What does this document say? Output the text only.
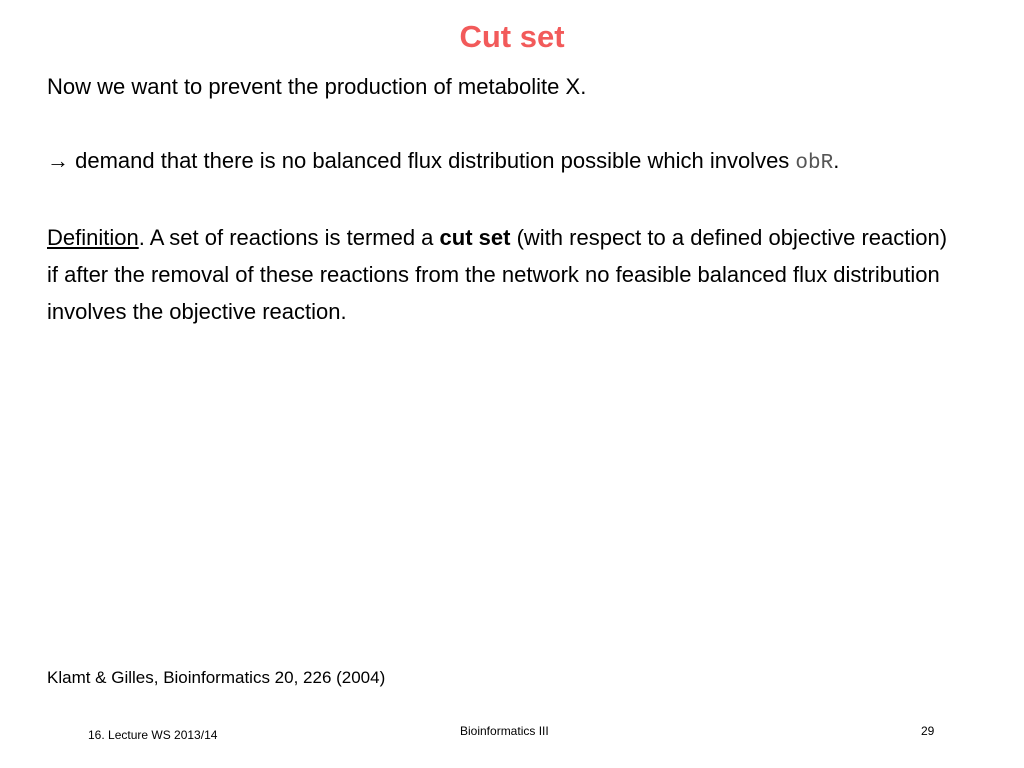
Cut set

Now we want to prevent the production of metabolite X.

→ demand that there is no balanced flux distribution possible which involves obR.

Definition. A set of reactions is termed a cut set (with respect to a defined objective reaction)

if after the removal of these reactions from the network no feasible balanced flux distribution involves the objective reaction.

Klamt & Gilles, Bioinformatics 20, 226 (2004)
16. Lecture WS 2013/14	Bioinformatics III	29
